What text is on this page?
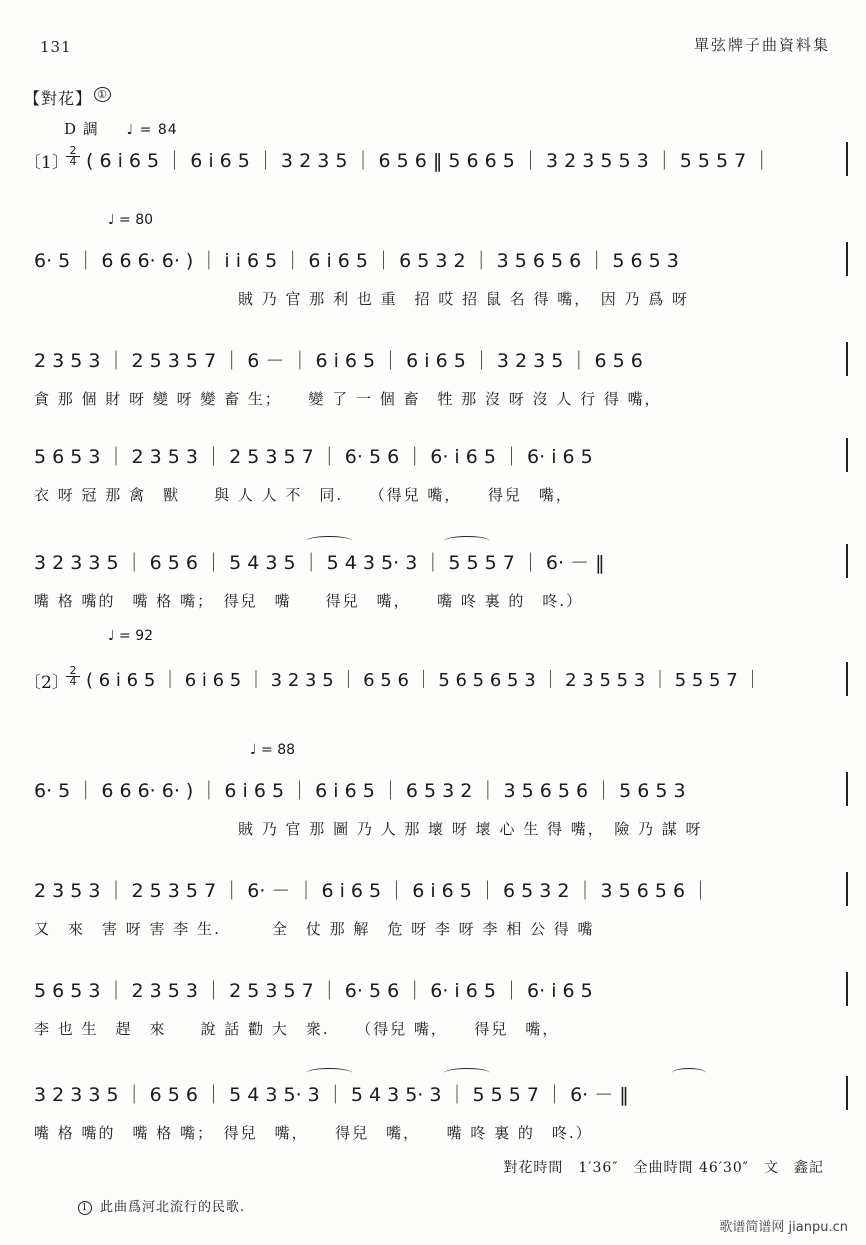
131	單弦牌子曲資料集
【對花】 ①
D 調 ♩ = 84
〔1〕
$\frac{2}{4}$ ( 6 i 6 5 ｜ 6 i 6 5 ｜ 3 2 3 5 ｜ 6 5 6 ‖ 5 6 6 5 ｜ 3 2 3 5 5 3 ｜ 5 5 5 7 ｜
♩ = 80
6· 5 ｜ 6 6 6· 6· ) ｜ i i 6 5 ｜ 6 i 6 5 ｜ 6 5 3 2 ｜ 3 5 6 5 6 ｜ 5 6 5 3
賊 乃 官 那 利 也 重　招 哎 招 鼠 名 得 嘴，　因 乃 爲 呀
2 3 5 3 ｜ 2 5 3 5 7 ｜ 6 － ｜ 6 i 6 5 ｜ 6 i 6 5 ｜ 3 2 3 5 ｜ 6 5 6
貪 那 個 財 呀 變 呀 變 畜 生；　　變 了 一 個 畜　牲 那 沒 呀 沒 人 行 得 嘴，
5 6 5 3 ｜ 2 3 5 3 ｜ 2 5 3 5 7 ｜ 6· 5 6 ｜ 6· i 6 5 ｜ 6· i 6 5
衣 呀 冠 那 禽　獸　　與 人 人 不　同.　　（得兒 嘴，　　得兒　嘴，
3 2 3 3 5 ｜ 6 5 6 ｜ 5 4 3 5 ｜ 5 4 3 5· 3 ｜ 5 5 5 7 ｜ 6· － ‖
嘴 格 嘴的　嘴 格 嘴；　得兒　嘴　　得兒　嘴，　　嘴 咚 裏 的　咚.）
♩ = 92
〔2〕
$\frac{2}{4}$ ( 6 i 6 5 ｜ 6 i 6 5 ｜ 3 2 3 5 ｜ 6 5 6 ｜ 5 6 5 6 5 3 ｜ 2 3 5 5 3 ｜ 5 5 5 7 ｜
♩ = 88
6· 5 ｜ 6 6 6· 6· ) ｜ 6 i 6 5 ｜ 6 i 6 5 ｜ 6 5 3 2 ｜ 3 5 6 5 6 ｜ 5 6 5 3
賊 乃 官 那 圖 乃 人 那 壞 呀 壞 心 生 得 嘴，　險 乃 謀 呀
2 3 5 3 ｜ 2 5 3 5 7 ｜ 6· － ｜ 6 i 6 5 ｜ 6 i 6 5 ｜ 6 5 3 2 ｜ 3 5 6 5 6 ｜
又　來　害 呀 害 李 生.　　　全　仗 那 解　危 呀 李 呀 李 相 公 得 嘴
5 6 5 3 ｜ 2 3 5 3 ｜ 2 5 3 5 7 ｜ 6· 5 6 ｜ 6· i 6 5 ｜ 6· i 6 5
李 也 生　趕　來　　說 話 勸 大　衆.　　（得兒 嘴，　　得兒　嘴，
3 2 3 3 5 ｜ 6 5 6 ｜ 5 4 3 5· 3 ｜ 5 4 3 5· 3 ｜ 5 5 5 7 ｜ 6· － ‖
嘴 格 嘴的　嘴 格 嘴；　得兒　嘴，　　得兒　嘴，　　嘴 咚 裏 的　咚.）
對花時間　1′36″　全曲時間 46′30″　文　鑫記
1 此曲爲河北流行的民歌.
歌谱简谱网 jianpu.cn
